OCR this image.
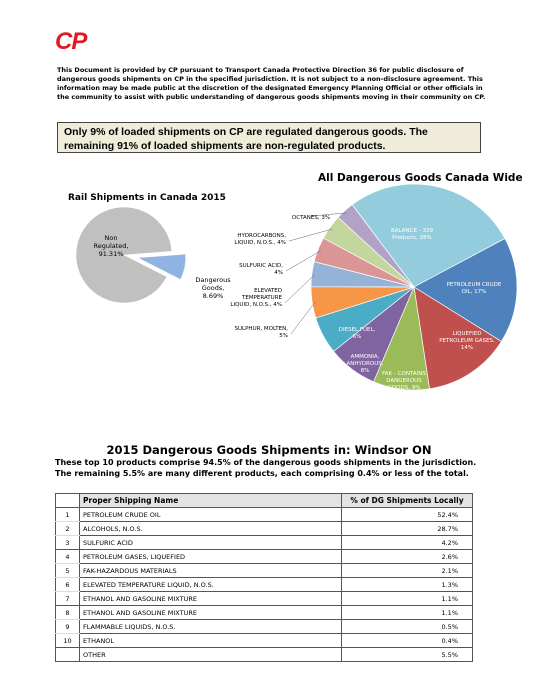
CP
This Document is provided by CP pursuant to Transport Canada Protective Direction 36 for public disclosure of dangerous goods shipments on CP in the specified jurisdiction. It is not subject to a non-disclosure agreement. This information may be made public at the discretion of the designated Emergency Planning Official or other officials in the community to assist with public understanding of dangerous goods shipments moving in their community on CP.
Only 9% of loaded shipments on CP are regulated dangerous goods. The remaining 91% of loaded shipments are non-regulated products.
Rail Shipments in Canada 2015
All Dangerous Goods Canada Wide
Non Regulated, 91.31%
Dangerous Goods, 8.69%
BALANCE - 339 Products, 28%
PETROLEUM CRUDE OIL, 17%
LIQUEFIED PETROLEUM GASES, 14%
FAK - CONTAINS DANGEROUS GOODS, 9%
AMMONIA, ANHYDROUS, 8%
DIESEL FUEL, 6%
SULPHUR, MOLTEN, 5%
ELEVATED TEMPERATURE LIQUID, N.O.S., 4%
SULFURIC ACID, 4%
HYDROCARBONS, LIQUID, N.O.S., 4%
OCTANES, 3%
2015 Dangerous Goods Shipments in: Windsor ON
These top 10 products comprise 94.5% of the dangerous goods shipments in the jurisdiction. The remaining 5.5% are many different products, each comprising 0.4% or less of the total.
	Proper Shipping Name	% of DG Shipments Locally
1	PETROLEUM CRUDE OIL	52.4%
2	ALCOHOLS, N.O.S.	28.7%
3	SULFURIC ACID	4.2%
4	PETROLEUM GASES, LIQUEFIED	2.6%
5	FAK-HAZARDOUS MATERIALS	2.1%
6	ELEVATED TEMPERATURE LIQUID, N.O.S.	1.3%
7	ETHANOL AND GASOLINE MIXTURE	1.1%
8	ETHANOL AND GASOLINE MIXTURE	1.1%
9	FLAMMABLE LIQUIDS, N.O.S.	0.5%
10	ETHANOL	0.4%
	OTHER	5.5%
